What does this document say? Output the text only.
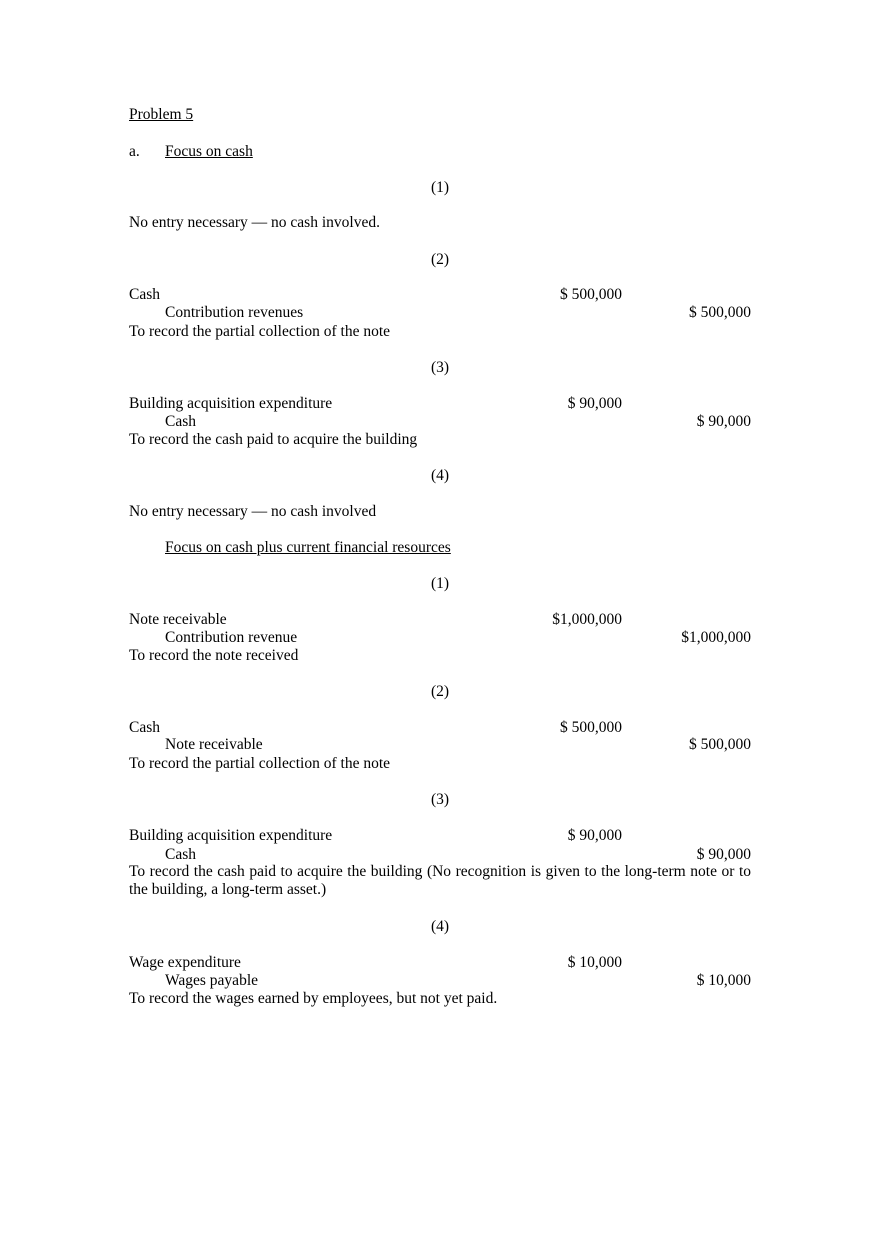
Problem 5
a. Focus on cash
(1)
No entry necessary — no cash involved.
(2)
Cash	$ 500,000
Contribution revenues	$ 500,000
To record the partial collection of the note
(3)
Building acquisition expenditure	$ 90,000
Cash	$ 90,000
To record the cash paid to acquire the building
(4)
No entry necessary — no cash involved
Focus on cash plus current financial resources
(1)
Note receivable	$1,000,000
Contribution revenue	$1,000,000
To record the note received
(2)
Cash	$ 500,000
Note receivable	$ 500,000
To record the partial collection of the note
(3)
Building acquisition expenditure	$ 90,000
Cash	$ 90,000
To record the cash paid to acquire the building (No recognition is given to the long-term note or to the building, a long-term asset.)
(4)
Wage expenditure	$ 10,000
Wages payable	$ 10,000
To record the wages earned by employees, but not yet paid.
